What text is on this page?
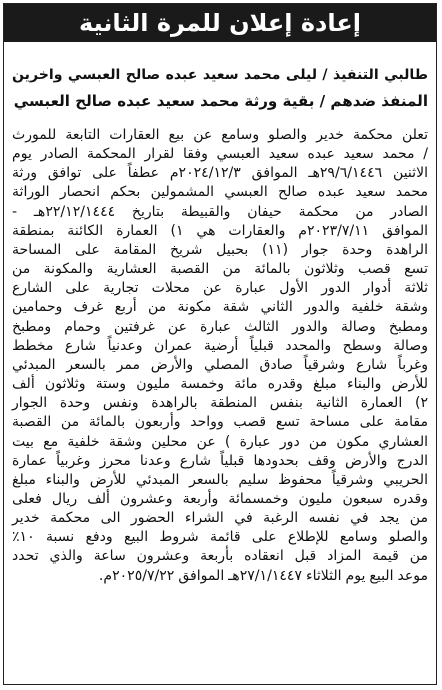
إعادة إعلان للمرة الثانية
طالبي التنفيذ / ليلى محمد سعيد عبده صالح العبسي واخرين
المنفذ ضدهم / بقية ورثة محمد سعيد عبده صالح العبسي
تعلن محكمة خدير والصلو وسامع عن بيع العقارات التابعة للمورث
/ محمد سعيد عبده سعيد العبسي وفقا لقرار المحكمة الصادر يوم
الاثنين ٢٩/٦/١٤٤٦هـ الموافق ٢٠٢٤/١٢/٣م عطفاً على توافق ورثة
محمد سعيد عبده صالح العبسي المشمولين بحكم انحصار الوراثة
الصادر من محكمة حيفان والقبيطة بتاريخ ٢٢/١٢/١٤٤٤هـ -
الموافق ٢٠٢٣/٧/١١م والعقارات هي ١) العمارة الكائنة بمنطقة
الراهدة وحدة جوار (١١) بحبيل شريخ المقامة على المساحة
تسع قصب وثلاثون بالمائة من القصبة العشارية والمكونة من
ثلاثة أدوار الدور الأول عبارة عن محلات تجارية على الشارع
وشقة خلفية والدور الثاني شقة مكونة من أربع غرف وحمامين
ومطبخ وصالة والدور الثالث عبارة عن غرفتين وحمام ومطبخ
وصالة وسطح والمحدد قبلياً أرضية عمران وعدنياً شارع مخطط
وغرباً شارع وشرقياً صادق المصلي والأرض ممر بالسعر المبدئي
للأرض والبناء مبلغ وقدره مائة وخمسة مليون وستة وثلاثون ألف
٢) العمارة الثانية بنفس المنطقة بالراهدة ونفس وحدة الجوار
مقامة على مساحة تسع قصب وواحد وأربعون بالمائة من القصبة
العشاري مكون من دور عبارة ) عن محلين وشقة خلفية مع بيت
الدرج والأرض وقف بحدودها قبلياً شارع وعدنا محرز وغربياً عمارة
الحريبي وشرقياً محفوظ سليم بالسعر المبدئي للأرض والبناء مبلغ
وقدره سبعون مليون وخمسمائة وأربعة وعشرون ألف ريال فعلى
من يجد في نفسه الرغبة في الشراء الحضور الى محكمة خدير
والصلو وسامع للإطلاع على قائمة شروط البيع ودفع نسبة ١٠٪
من قيمة المزاد قبل انعقاده بأربعة وعشرون ساعة والذي تحدد
موعد البيع يوم الثلاثاء ٢٧/١/١٤٤٧هـ الموافق ٢٠٢٥/٧/٢٢م.
